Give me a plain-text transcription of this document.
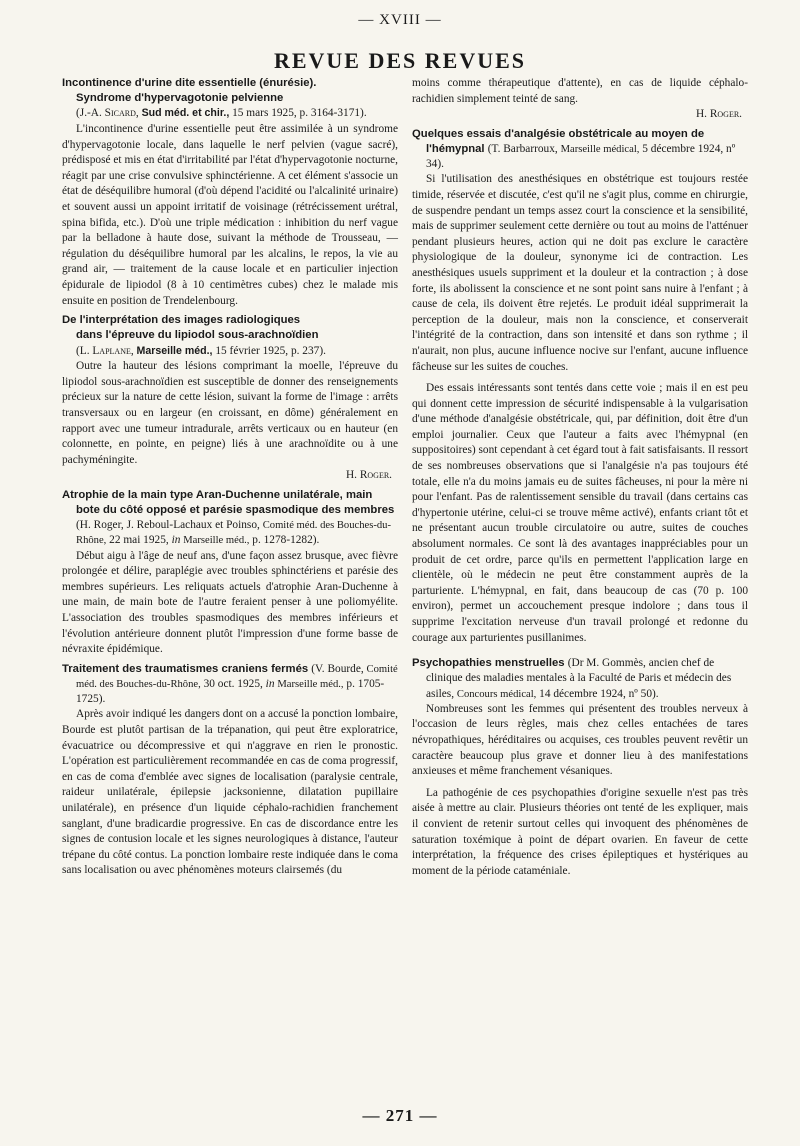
— XVIII —
REVUE DES REVUES
Incontinence d'urine dite essentielle (énurésie).
Syndrome d'hypervagotonie pelvienne
(J.-A. Sicard, Sud méd. et chir., 15 mars 1925, p. 3164-3171).

L'incontinence d'urine essentielle peut être assimilée à un syndrome d'hypervagotonie locale, dans laquelle le nerf pelvien (vague sacré), prédisposé et mis en état d'irritabilité par l'état d'hypervagotonie nocturne, réagit par une crise convulsive sphinctérienne. A cet élément s'associe un état de déséquilibre humoral (d'où dépend l'acidité ou l'alcalinité urinaire) et souvent aussi un appoint irritatif de voisinage (rétrécissement urétral, spina bifida, etc.). D'où une triple médication : inhibition du nerf vague par la belladone à haute dose, suivant la méthode de Trousseau, — régulation du déséquilibre humoral par les alcalins, le repos, la vie au grand air, — traitement de la cause locale et en particulier injection épidurale de lipiodol (8 à 10 centimètres cubes) chez le malade mis ensuite en position de Trendelenbourg.

De l'interprétation des images radiologiques
dans l'épreuve du lipiodol sous-arachnoïdien
(L. Laplane, Marseille méd., 15 février 1925, p. 237).

Outre la hauteur des lésions comprimant la moelle, l'épreuve du lipiodol sous-arachnoïdien est susceptible de donner des renseignements précieux sur la nature de cette lésion, suivant la forme de l'image : arrêts transversaux ou en largeur (en croissant, en dôme) généralement en rapport avec une tumeur intradurale, arrêts verticaux ou en hauteur (en colonnette, en pointe, en peigne) liés à une arachnoïdite ou à une pachyméningite.

H. Roger.
Atrophie de la main type Aran-Duchenne unilatérale, main bote du côté opposé et parésie spasmodique des membres (H. Roger, J. Reboul-Lachaux et Poinso, Comité méd. des Bouches-du-Rhône, 22 mai 1925, in Marseille méd., p. 1278-1282).

Début aigu à l'âge de neuf ans, d'une façon assez brusque, avec fièvre prolongée et délire, paraplégie avec troubles sphinctériens et parésie des membres supérieurs. Les reliquats actuels d'atrophie Aran-Duchenne à une main, de main bote de l'autre feraient penser à une poliomyélite. L'association des troubles spasmodiques des membres inférieurs et l'évolution antérieure donnent plutôt l'impression d'une forme basse de névraxite épidémique.

Traitement des traumatismes craniens fermés (V. Bourde, Comité méd. des Bouches-du-Rhône, 30 oct. 1925, in Marseille méd., p. 1705-1725).

Après avoir indiqué les dangers dont on a accusé la ponction lombaire, Bourde est plutôt partisan de la trépanation, qui peut être exploratrice, évacuatrice ou décompressive et qui n'aggrave en rien le pronostic. L'opération est particulièrement recommandée en cas de coma progressif, en cas de coma d'emblée avec signes de localisation (paralysie centrale, raideur unilatérale, épilepsie jacksonienne, dilatation pupillaire unilatérale), en présence d'un liquide céphalo-rachidien franchement sanglant, d'une bradicardie progressive. En cas de discordance entre les signes de contusion locale et les signes neurologiques à distance, l'auteur trépane du côté contus. La ponction lombaire reste indiquée dans le coma sans localisation ou avec phénomènes moteurs clairsemés (du

moins comme thérapeutique d'attente), en cas de liquide céphalo-rachidien simplement teinté de sang.

H. Roger.
Quelques essais d'analgésie obstétricale au moyen de l'hémypnal (T. Barbarroux, Marseille médical, 5 décembre 1924, nº 34).

Si l'utilisation des anesthésiques en obstétrique est toujours restée timide, réservée et discutée, c'est qu'il ne s'agit plus, comme en chirurgie, de suspendre pendant un temps assez court la conscience et la sensibilité, mais de supprimer seulement cette dernière ou tout au moins de l'atténuer pendant plusieurs heures, action qui ne doit pas exclure le caractère physiologique de la douleur, synonyme ici de contraction. Les anesthésiques usuels suppriment et la douleur et la contraction ; à dose forte, ils abolissent la conscience et ne sont point sans nuire à l'enfant ; à cause de cela, ils doivent être rejetés. Le produit idéal supprimerait la perception de la douleur, mais non la conscience, et conserverait l'intégrité de la contraction, dans son intensité et dans son rythme ; il n'aurait, non plus, aucune influence nocive sur l'enfant, aucune influence fâcheuse sur les suites de couches.

Des essais intéressants sont tentés dans cette voie ; mais il en est peu qui donnent cette impression de sécurité indispensable à la vulgarisation d'une méthode d'analgésie obstétricale, qui, par définition, doit être d'un emploi journalier. Ceux que l'auteur a faits avec l'hémypnal (en suppositoires) sont cependant à cet égard tout à fait satisfaisants. Il ressort de ses nombreuses observations que si l'analgésie n'a pas toujours été totale, elle n'a du moins jamais eu de suites fâcheuses, ni pour la mère ni pour l'enfant. Pas de ralentissement sensible du travail (dans certains cas d'hypertonie utérine, celui-ci se trouve même activé), enfants criant tôt et ne présentant aucun trouble circulatoire ou autre, suites de couches absolument normales. Ce sont là des avantages inappréciables pour un produit de cet ordre, parce qu'ils en permettent l'application large en clientèle, où le médecin ne peut être constamment auprès de la parturiente. L'hémypnal, en fait, dans beaucoup de cas (70 p. 100 environ), permet un accouchement presque indolore ; dans tous il supprime l'excitation nerveuse d'un travail prolongé et redonne du courage aux parturientes pusillanimes.

Psychopathies menstruelles (Dr M. Gommès, ancien chef de clinique des maladies mentales à la Faculté de Paris et médecin des asiles, Concours médical, 14 décembre 1924, nº 50).

Nombreuses sont les femmes qui présentent des troubles nerveux à l'occasion de leurs règles, mais chez celles entachées de tares névropathiques, héréditaires ou acquises, ces troubles peuvent revêtir un caractère beaucoup plus grave et donner lieu à des manifestations anxieuses et même franchement vésaniques.

La pathogénie de ces psychopathies d'origine sexuelle n'est pas très aisée à mettre au clair. Plusieurs théories ont tenté de les expliquer, mais il convient de retenir surtout celles qui invoquent des phénomènes de saturation toxémique à point de départ ovarien. En faveur de cette interprétation, la fréquence des crises épileptiques et hystériques au moment de la période cataméniale.

— 271 —
